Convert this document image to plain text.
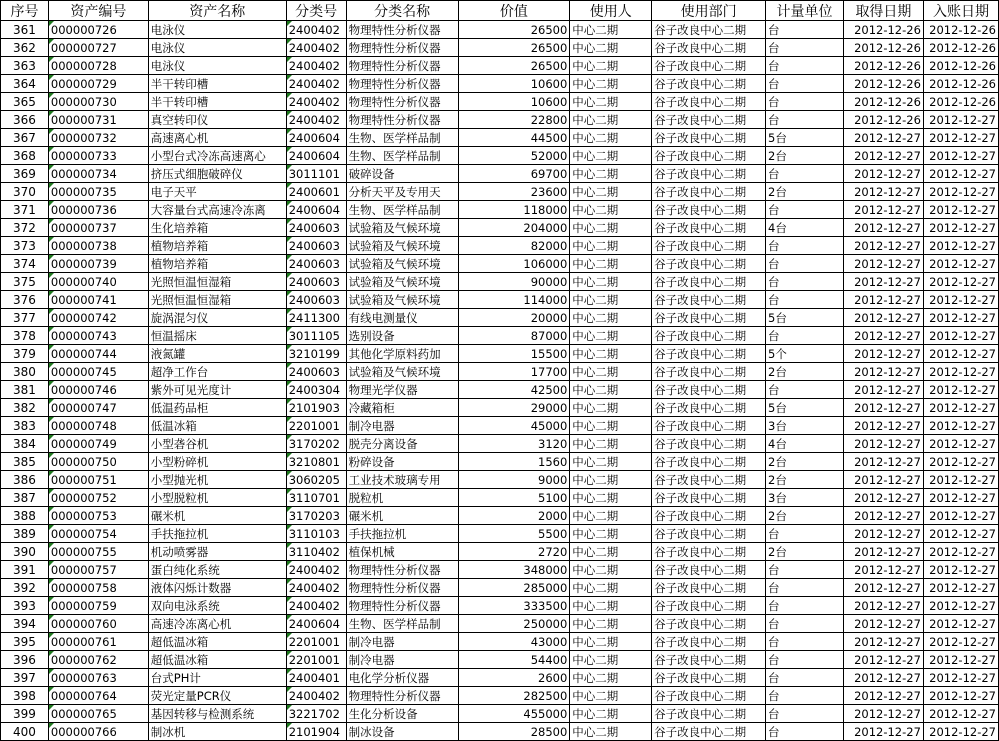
序号	资产编号	资产名称	分类号	分类名称	价值	使用人	使用部门	计量单位	取得日期	入账日期
361	000000726	电泳仪	2400402	物理特性分析仪器	26500	中心二期	谷子改良中心二期	台	2012-12-26	2012-12-26
362	000000727	电泳仪	2400402	物理特性分析仪器	26500	中心二期	谷子改良中心二期	台	2012-12-26	2012-12-26
363	000000728	电泳仪	2400402	物理特性分析仪器	26500	中心二期	谷子改良中心二期	台	2012-12-26	2012-12-26
364	000000729	半干转印槽	2400402	物理特性分析仪器	10600	中心二期	谷子改良中心二期	台	2012-12-26	2012-12-26
365	000000730	半干转印槽	2400402	物理特性分析仪器	10600	中心二期	谷子改良中心二期	台	2012-12-26	2012-12-26
366	000000731	真空转印仪	2400402	物理特性分析仪器	22800	中心二期	谷子改良中心二期	台	2012-12-26	2012-12-27
367	000000732	高速离心机	2400604	生物、医学样品制	44500	中心二期	谷子改良中心二期	5台	2012-12-27	2012-12-27
368	000000733	小型台式冷冻高速离心	2400604	生物、医学样品制	52000	中心二期	谷子改良中心二期	2台	2012-12-27	2012-12-27
369	000000734	挤压式细胞破碎仪	3011101	破碎设备	69700	中心二期	谷子改良中心二期	台	2012-12-27	2012-12-27
370	000000735	电子天平	2400601	分析天平及专用天	23600	中心二期	谷子改良中心二期	2台	2012-12-27	2012-12-27
371	000000736	大容量台式高速冷冻离	2400604	生物、医学样品制	118000	中心二期	谷子改良中心二期	台	2012-12-27	2012-12-27
372	000000737	生化培养箱	2400603	试验箱及气候环境	204000	中心二期	谷子改良中心二期	4台	2012-12-27	2012-12-27
373	000000738	植物培养箱	2400603	试验箱及气候环境	82000	中心二期	谷子改良中心二期	台	2012-12-27	2012-12-27
374	000000739	植物培养箱	2400603	试验箱及气候环境	106000	中心二期	谷子改良中心二期	台	2012-12-27	2012-12-27
375	000000740	光照恒温恒湿箱	2400603	试验箱及气候环境	90000	中心二期	谷子改良中心二期	台	2012-12-27	2012-12-27
376	000000741	光照恒温恒湿箱	2400603	试验箱及气候环境	114000	中心二期	谷子改良中心二期	台	2012-12-27	2012-12-27
377	000000742	旋涡混匀仪	2411300	有线电测量仪	20000	中心二期	谷子改良中心二期	5台	2012-12-27	2012-12-27
378	000000743	恒温摇床	3011105	选别设备	87000	中心二期	谷子改良中心二期	台	2012-12-27	2012-12-27
379	000000744	液氮罐	3210199	其他化学原料药加	15500	中心二期	谷子改良中心二期	5个	2012-12-27	2012-12-27
380	000000745	超净工作台	2400603	试验箱及气候环境	17700	中心二期	谷子改良中心二期	2台	2012-12-27	2012-12-27
381	000000746	紫外可见光度计	2400304	物理光学仪器	42500	中心二期	谷子改良中心二期	台	2012-12-27	2012-12-27
382	000000747	低温药品柜	2101903	冷藏箱柜	29000	中心二期	谷子改良中心二期	5台	2012-12-27	2012-12-27
383	000000748	低温冰箱	2201001	制冷电器	45000	中心二期	谷子改良中心二期	3台	2012-12-27	2012-12-27
384	000000749	小型砻谷机	3170202	脱壳分离设备	3120	中心二期	谷子改良中心二期	4台	2012-12-27	2012-12-27
385	000000750	小型粉碎机	3210801	粉碎设备	1560	中心二期	谷子改良中心二期	2台	2012-12-27	2012-12-27
386	000000751	小型抛光机	3060205	工业技术玻璃专用	9000	中心二期	谷子改良中心二期	2台	2012-12-27	2012-12-27
387	000000752	小型脱粒机	3110701	脱粒机	5100	中心二期	谷子改良中心二期	3台	2012-12-27	2012-12-27
388	000000753	碾米机	3170203	碾米机	2000	中心二期	谷子改良中心二期	2台	2012-12-27	2012-12-27
389	000000754	手扶拖拉机	3110103	手扶拖拉机	5500	中心二期	谷子改良中心二期	台	2012-12-27	2012-12-27
390	000000755	机动喷雾器	3110402	植保机械	2720	中心二期	谷子改良中心二期	2台	2012-12-27	2012-12-27
391	000000757	蛋白纯化系统	2400402	物理特性分析仪器	348000	中心二期	谷子改良中心二期	台	2012-12-27	2012-12-27
392	000000758	液体闪烁计数器	2400402	物理特性分析仪器	285000	中心二期	谷子改良中心二期	台	2012-12-27	2012-12-27
393	000000759	双向电泳系统	2400402	物理特性分析仪器	333500	中心二期	谷子改良中心二期	台	2012-12-27	2012-12-27
394	000000760	高速冷冻离心机	2400604	生物、医学样品制	250000	中心二期	谷子改良中心二期	台	2012-12-27	2012-12-27
395	000000761	超低温冰箱	2201001	制冷电器	43000	中心二期	谷子改良中心二期	台	2012-12-27	2012-12-27
396	000000762	超低温冰箱	2201001	制冷电器	54400	中心二期	谷子改良中心二期	台	2012-12-27	2012-12-27
397	000000763	台式PH计	2400401	电化学分析仪器	2600	中心二期	谷子改良中心二期	台	2012-12-27	2012-12-27
398	000000764	荧光定量PCR仪	2400402	物理特性分析仪器	282500	中心二期	谷子改良中心二期	台	2012-12-27	2012-12-27
399	000000765	基因转移与检测系统	3221702	生化分析设备	455000	中心二期	谷子改良中心二期	台	2012-12-27	2012-12-27
400	000000766	制冰机	2101904	制冰设备	28500	中心二期	谷子改良中心二期	台	2012-12-27	2012-12-27
